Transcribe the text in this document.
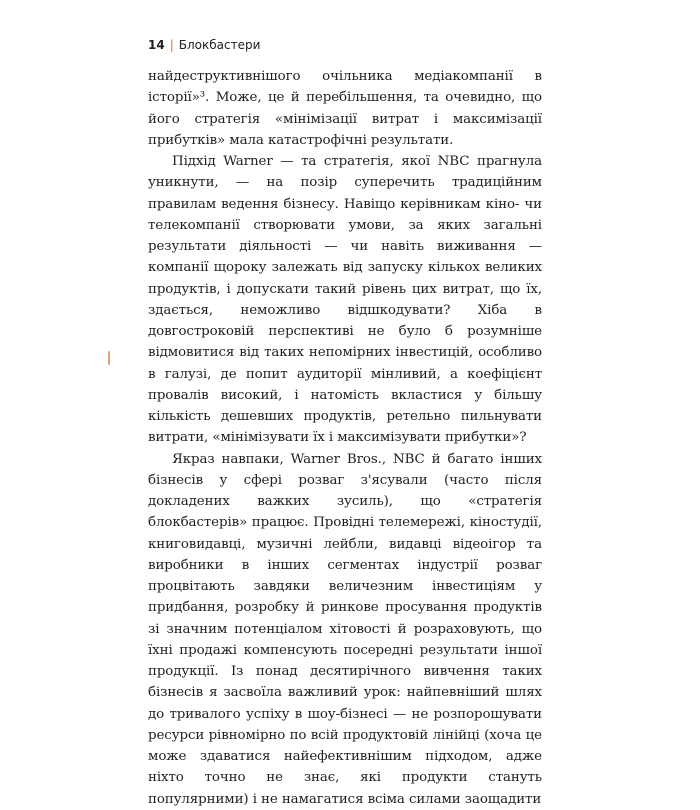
14 | Блокбастери

найдеструктивнішого очільника медіакомпанії в історії»³. Може, це й перебільшення, та очевидно, що його стратегія «мінімізації витрат і максимізації прибутків» мала катастрофічні результати.

Підхід Warner — та стратегія, якої NBC прагнула уникнути, — на позір суперечить традиційним правилам ведення бізнесу. Навіщо керівникам кіно- чи телекомпанії створювати умови, за яких загальні результати діяльності — чи навіть виживання — компанії щороку залежать від запуску кількох великих продуктів, і допускати такий рівень цих витрат, що їх, здається, неможливо відшкодувати? Хіба в довгостроковій перспективі не було б розумніше відмовитися від таких непомірних інвестицій, особливо в галузі, де попит аудиторії мінливий, а коефіцієнт провалів високий, і натомість вкластися у більшу кількість дешевших продуктів, ретельно пильнувати витрати, «мінімізувати їх і максимізувати прибутки»?

Якраз навпаки, Warner Bros., NBC й багато інших бізнесів у сфері розваг з'ясували (часто після докладених важких зусиль), що «стратегія блокбастерів» працює. Провідні телемережі, кіностудії, книговидавці, музичні лейбли, видавці відеоігор та виробники в інших сегментах індустрії розваг процвітають завдяки величезним інвестиціям у придбання, розробку й ринкове просування продуктів зі значним потенціалом хітовості й розраховують, що їхні продажі компенсують посередні результати іншої продукції. Із понад десятирічного вивчення таких бізнесів я засвоїла важливий урок: найпевніший шлях до тривалого успіху в шоу-бізнесі — не розпорошувати ресурси рівномірно по всій продуктовій лінійці (хоча це може здаватися найефективнішим підходом, адже ніхто точно не знає, які продукти стануть популярними) і не намагатися всіма силами заощадити
